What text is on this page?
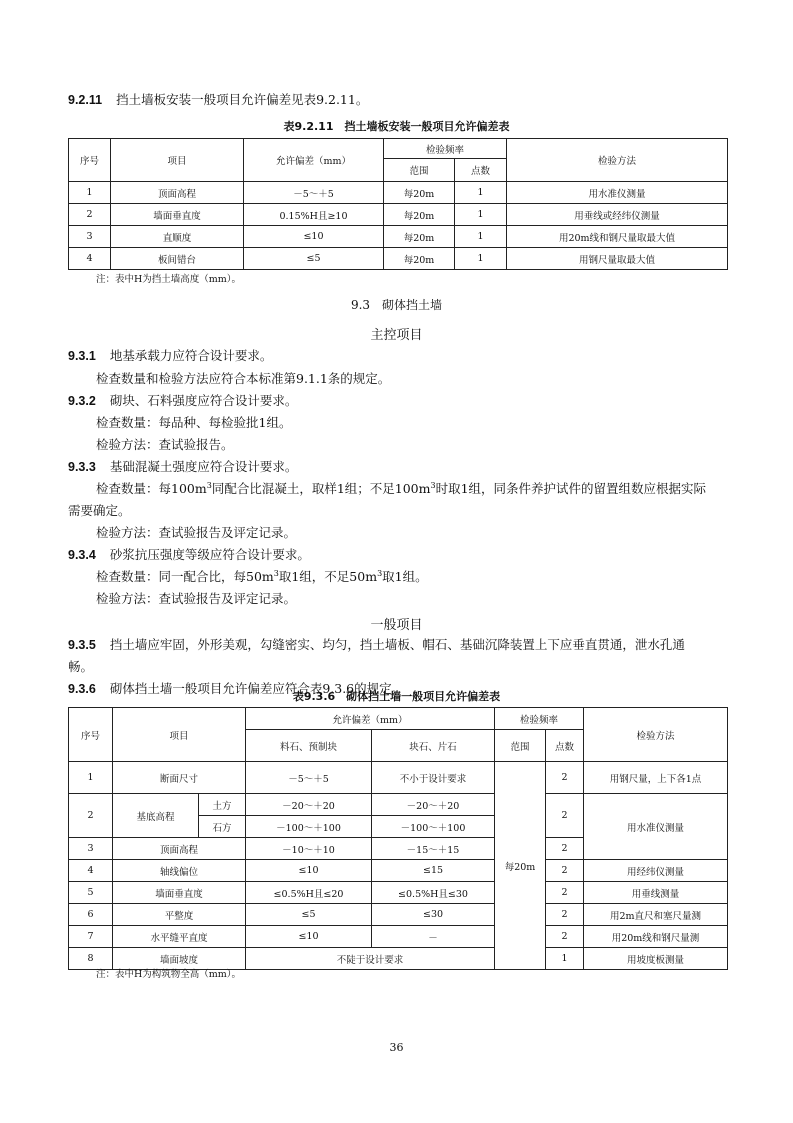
9.2.11 挡土墙板安装一般项目允许偏差见表9.2.11。
表9.2.11　挡土墙板安装一般项目允许偏差表
序号	项目	允许偏差（mm）	检验频率		检验方法
			范围	点数	
1	顶面高程	－5～＋5	每20m	1	用水准仪测量
2	墙面垂直度	0.15%H且≥10	每20m	1	用垂线或经纬仪测量
3	直顺度	≤10	每20m	1	用20m线和钢尺量取最大值
4	板间错台	≤5	每20m	1	用钢尺量取最大值
注：表中H为挡土墙高度（mm）。
9.3　砌体挡土墙
主控项目
9.3.1 地基承载力应符合设计要求。
检查数量和检验方法应符合本标准第9.1.1条的规定。
9.3.2 砌块、石料强度应符合设计要求。
检查数量：每品种、每检验批1组。
检验方法：查试验报告。
9.3.3 基础混凝土强度应符合设计要求。
检查数量：每$100m^3$同配合比混凝土，取样1组；不足$100m^3$时取1组，同条件养护试件的留置组数应根据实际
需要确定。
检验方法：查试验报告及评定记录。
9.3.4 砂浆抗压强度等级应符合设计要求。
检查数量：同一配合比，每$50m^3$取1组，不足$50m^3$取1组。
检验方法：查试验报告及评定记录。
一般项目
9.3.5 挡土墙应牢固，外形美观，勾缝密实、均匀，挡土墙板、帽石、基础沉降装置上下应垂直贯通，泄水孔通
畅。
9.3.6 砌体挡土墙一般项目允许偏差应符合表9.3.6的规定。
表9.3.6　砌体挡土墙一般项目允许偏差表
序号	项目		允许偏差（mm）		检验频率		检验方法
			料石、预制块	块石、片石	范围	点数	
1	断面尺寸		－5～＋5	不小于设计要求	每20m	2	用钢尺量，上下各1点
2	基底高程	土方	－20～＋20	－20～＋20		2	用水准仪测量
		石方	－100～＋100	－100～＋100			
3	顶面高程		－10～＋10	－15～＋15		2	
4	轴线偏位		≤10	≤15		2	用经纬仪测量
5	墙面垂直度		≤0.5%H且≤20	≤0.5%H且≤30		2	用垂线测量
6	平整度		≤5	≤30		2	用2m直尺和塞尺量测
7	水平缝平直度		≤10	－		2	用20m线和钢尺量测
8	墙面坡度		不陡于设计要求			1	用坡度板测量
注：表中H为构筑物全高（mm）。
36
